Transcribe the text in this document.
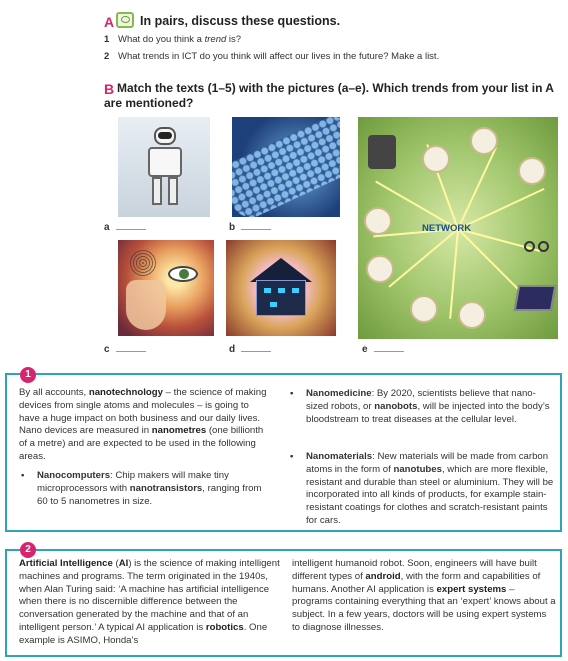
A In pairs, discuss these questions.
1 What do you think a trend is?
2 What trends in ICT do you think will affect our lives in the future? Make a list.
B Match the texts (1–5) with the pictures (a–e). Which trends from your list in A
are mentioned?
NETWORK
a	b
c	d	e
1
By all accounts, nanotechnology – the science of making devices from single atoms and molecules – is going to have a huge impact on both business and our daily lives. Nano devices are measured in nanometres (one billionth of a metre) and are expected to be used in the following areas.
• Nanocomputers: Chip makers will make tiny microprocessors with nanotransistors, ranging from 60 to 5 nanometres in size.
• Nanomedicine: By 2020, scientists believe that nano-sized robots, or nanobots, will be injected into the body’s bloodstream to treat diseases at the cellular level.
• Nanomaterials: New materials will be made from carbon atoms in the form of nanotubes, which are more flexible, resistant and durable than steel or aluminium. They will be incorporated into all kinds of products, for example stain-resistant coatings for clothes and scratch-resistant paints for cars.
2
Artificial Intelligence (AI) is the science of making intelligent machines and programs. The term originated in the 1940s, when Alan Turing said: ‘A machine has artificial intelligence when there is no discernible difference between the conversation generated by the machine and that of an intelligent person.’ A typical AI application is robotics. One example is ASIMO, Honda’s
intelligent humanoid robot. Soon, engineers will have built different types of android, with the form and capabilities of humans. Another AI application is expert systems – programs containing everything that an ‘expert’ knows about a subject. In a few years, doctors will be using expert systems to diagnose illnesses.
